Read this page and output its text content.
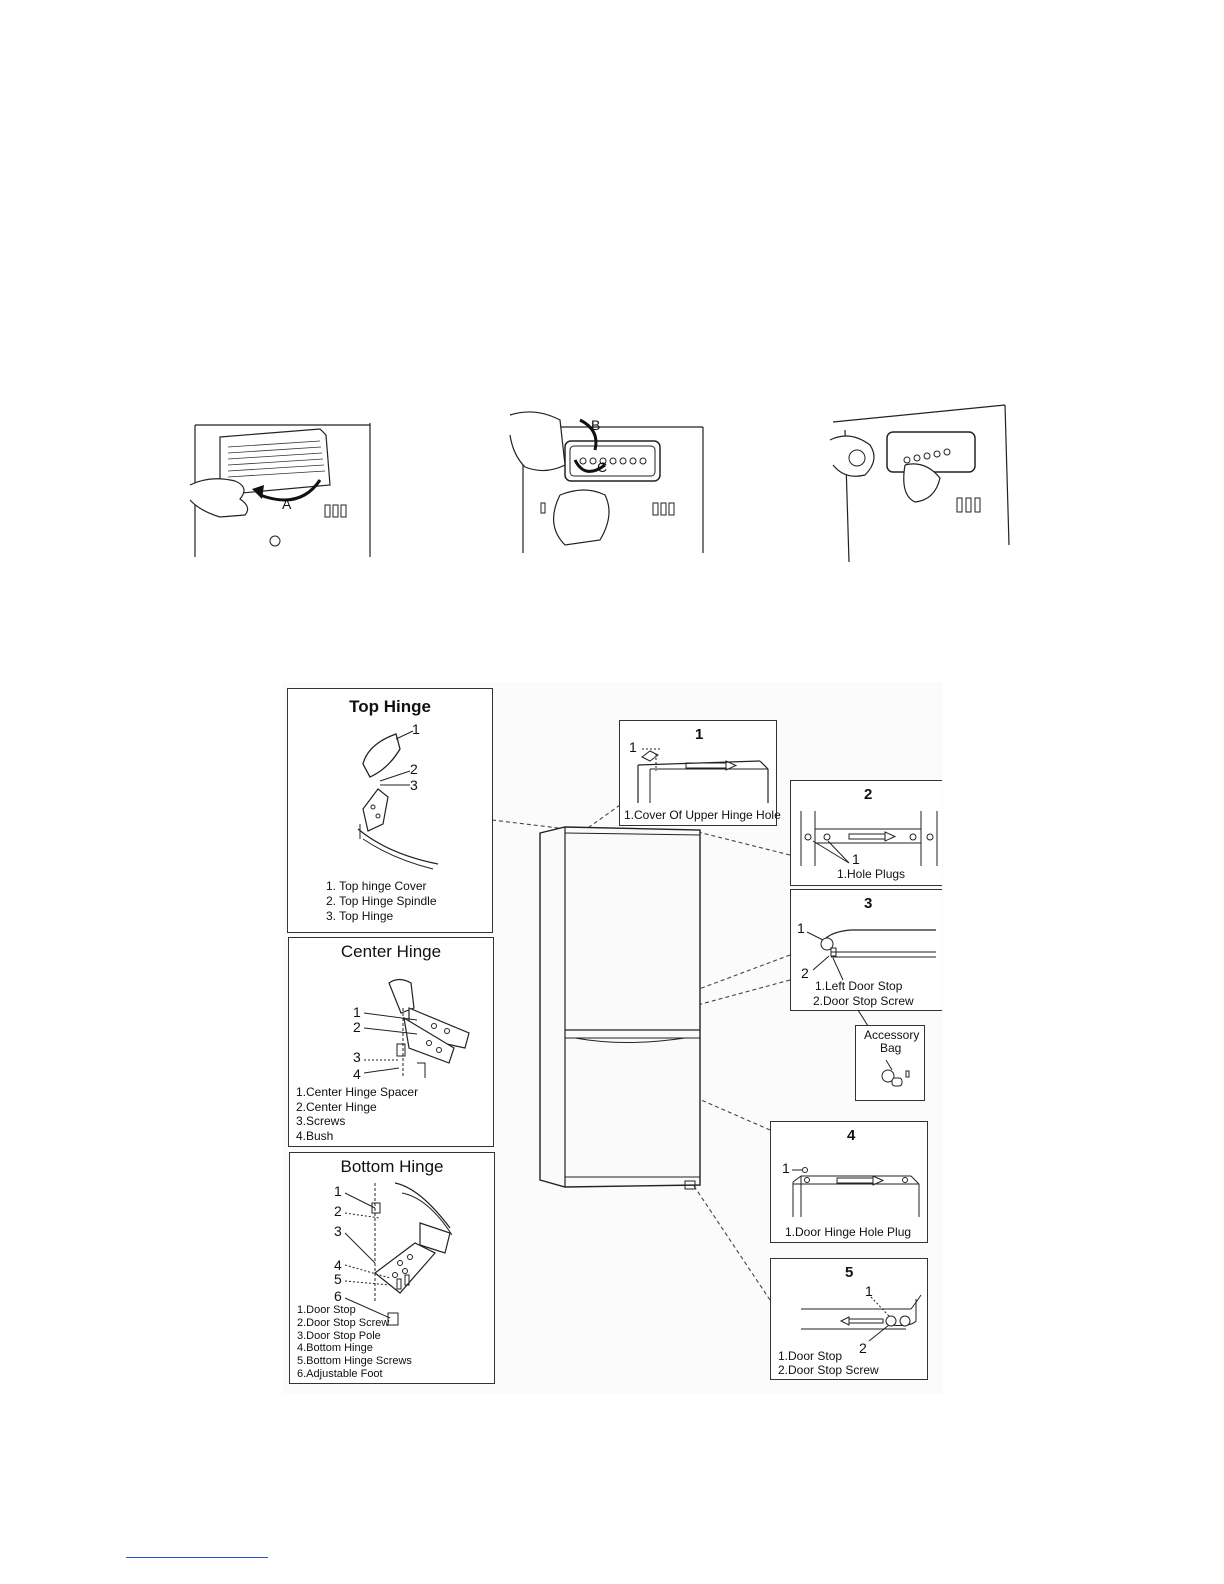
A
B
C
Top Hinge
1
2
3
1. Top hinge Cover
2. Top Hinge Spindle
3. Top Hinge
Center Hinge
1
2
3
4
1.Center Hinge Spacer
2.Center Hinge
3.Screws
4.Bush
Bottom Hinge
1
2
3
4
5
6
1.Door Stop
2.Door Stop Screw
3.Door Stop Pole
4.Bottom Hinge
5.Bottom Hinge Screws
6.Adjustable Foot
1
1
1.Cover Of Upper Hinge Hole
2
1
1.Hole Plugs
3
1
2
1.Left Door Stop
2.Door Stop Screw
Accessory
Bag
4
1
1.Door Hinge Hole Plug
5
1
2
1.Door Stop
2.Door Stop Screw
